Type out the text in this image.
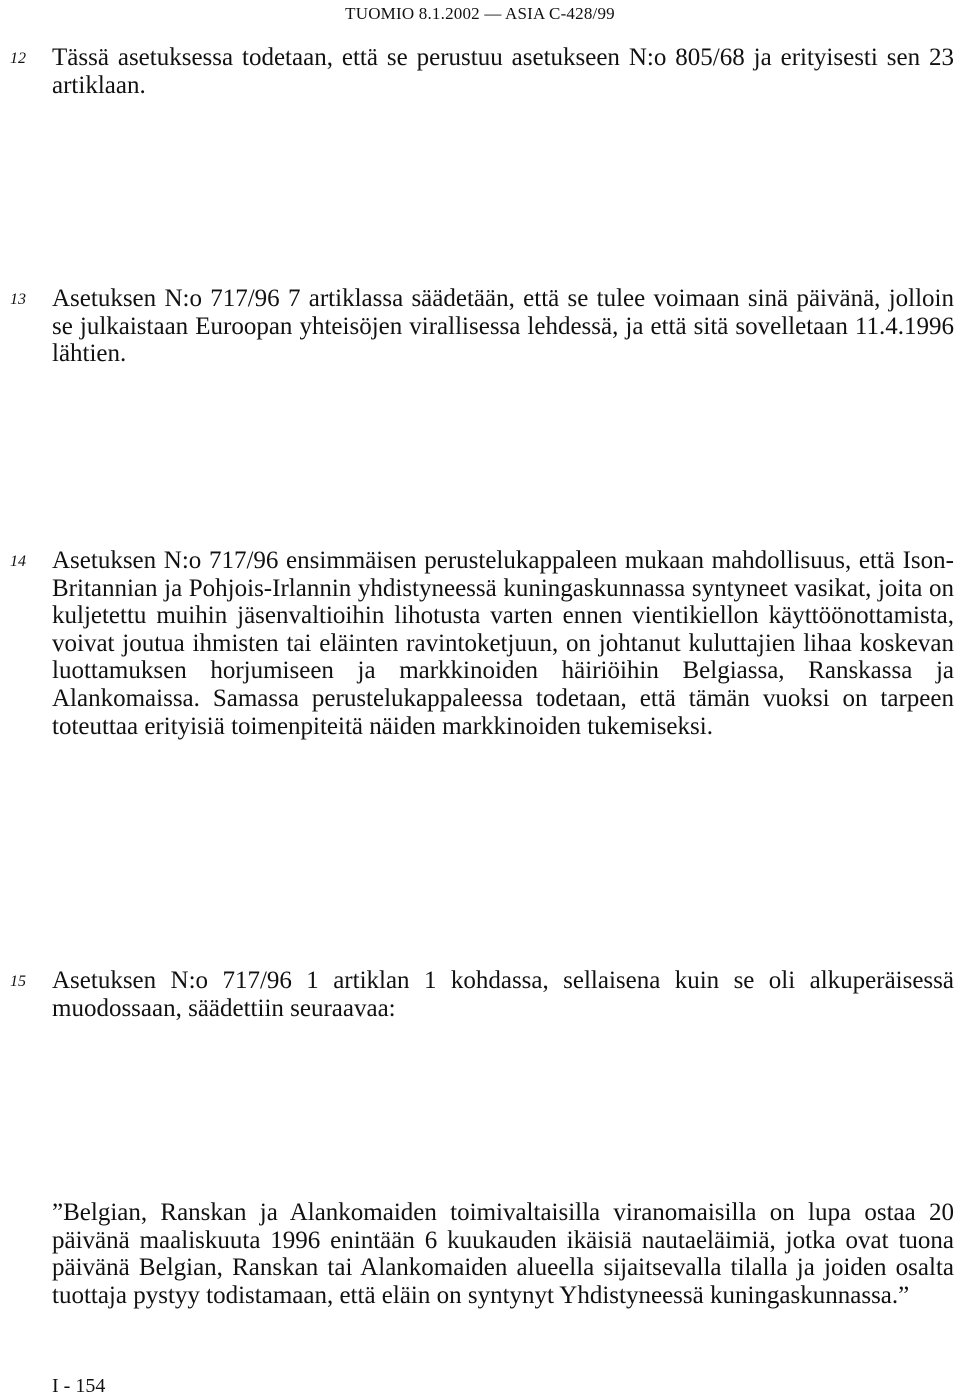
TUOMIO 8.1.2002 — ASIA C-428/99
12 Tässä asetuksessa todetaan, että se perustuu asetukseen N:o 805/68 ja erityisesti sen 23 artiklaan.
13 Asetuksen N:o 717/96 7 artiklassa säädetään, että se tulee voimaan sinä päivänä, jolloin se julkaistaan Euroopan yhteisöjen virallisessa lehdessä, ja että sitä sovelletaan 11.4.1996 lähtien.
14 Asetuksen N:o 717/96 ensimmäisen perustelukappaleen mukaan mahdollisuus, että Ison-Britannian ja Pohjois-Irlannin yhdistyneessä kuningaskunnassa syntyneet vasikat, joita on kuljetettu muihin jäsenvaltioihin lihotusta varten ennen vientikiellon käyttöönottamista, voivat joutua ihmisten tai eläinten ravintoketjuun, on johtanut kuluttajien lihaa koskevan luottamuksen horjumiseen ja markkinoiden häiriöihin Belgiassa, Ranskassa ja Alankomaissa. Samassa perustelukappaleessa todetaan, että tämän vuoksi on tarpeen toteuttaa erityisiä toimenpiteitä näiden markkinoiden tukemiseksi.
15 Asetuksen N:o 717/96 1 artiklan 1 kohdassa, sellaisena kuin se oli alkuperäisessä muodossaan, säädettiin seuraavaa:
”Belgian, Ranskan ja Alankomaiden toimivaltaisilla viranomaisilla on lupa ostaa 20 päivänä maaliskuuta 1996 enintään 6 kuukauden ikäisiä nautaeläimiä, jotka ovat tuona päivänä Belgian, Ranskan tai Alankomaiden alueella sijaitsevalla tilalla ja joiden osalta tuottaja pystyy todistamaan, että eläin on syntynyt Yhdistyneessä kuningaskunnassa.”
I - 154
